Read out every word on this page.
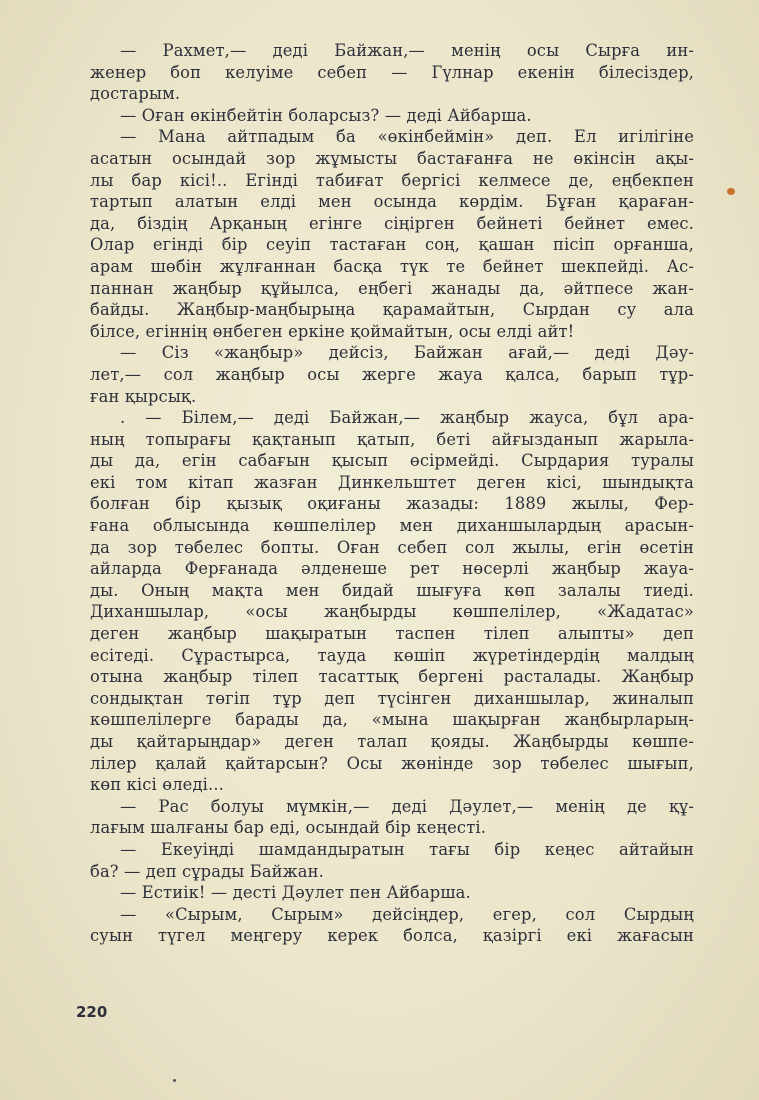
— Рахмет,— деді Байжан,— менің осы Сырға ин-
женер боп келуіме себеп — Гүлнар екенін білесіздер,
достарым.
— Оған өкінбейтін боларсыз? — деді Айбарша.
— Мана айтпадым ба «өкінбеймін» деп. Ел игілігіне
асатын осындай зор жұмысты бастағанға не өкінсін ақы-
лы бар кісі!.. Егінді табиғат бергісі келмесе де, еңбекпен
тартып алатын елді мен осында көрдім. Бұған қараған-
да, біздің Арқаның егінге сіңірген бейнеті бейнет емес.
Олар егінді бір сеуіп тастаған соң, қашан пісіп орғанша,
арам шөбін жұлғаннан басқа түк те бейнет шекпейді. Ас-
паннан жаңбыр құйылса, еңбегі жанады да, әйтпесе жан-
байды. Жаңбыр-маңбырыңа қарамайтын, Сырдан су ала
білсе, егіннің өнбеген еркіне қоймайтын, осы елді айт!
— Сіз «жаңбыр» дейсіз, Байжан ағай,— деді Дәу-
лет,— сол жаңбыр осы жерге жауа қалса, барып тұр-
ған қырсық.
. — Білем,— деді Байжан,— жаңбыр жауса, бұл ара-
ның топырағы қақтанып қатып, беті айғызданып жарыла-
ды да, егін сабағын қысып өсірмейді. Сырдария туралы
екі том кітап жазған Динкельштет деген кісі, шындықта
болған бір қызық оқиғаны жазады: 1889 жылы, Фер-
ғана облысында көшпелілер мен диханшылардың арасын-
да зор төбелес бопты. Оған себеп сол жылы, егін өсетін
айларда Ферғанада әлденеше рет нөсерлі жаңбыр жауа-
ды. Оның мақта мен бидай шығуға көп залалы тиеді.
Диханшылар, «осы жаңбырды көшпелілер, «Жадатас»
деген жаңбыр шақыратын таспен тілеп алыпты» деп
есітеді. Сұрастырса, тауда көшіп жүретіндердің малдың
отына жаңбыр тілеп тасаттық бергені расталады. Жаңбыр
сондықтан төгіп тұр деп түсінген диханшылар, жиналып
көшпелілерге барады да, «мына шақырған жаңбырларың-
ды қайтарыңдар» деген талап қояды. Жаңбырды көшпе-
лілер қалай қайтарсын? Осы жөнінде зор төбелес шығып,
көп кісі өледі...
— Рас болуы мүмкін,— деді Дәулет,— менің де құ-
лағым шалғаны бар еді, осындай бір кеңесті.
— Екеуіңді шамдандыратын тағы бір кеңес айтайын
ба? — деп сұрады Байжан.
— Естиік! — десті Дәулет пен Айбарша.
— «Сырым, Сырым» дейсіңдер, егер, сол Сырдың
суын түгел меңгеру керек болса, қазіргі екі жағасын
220
